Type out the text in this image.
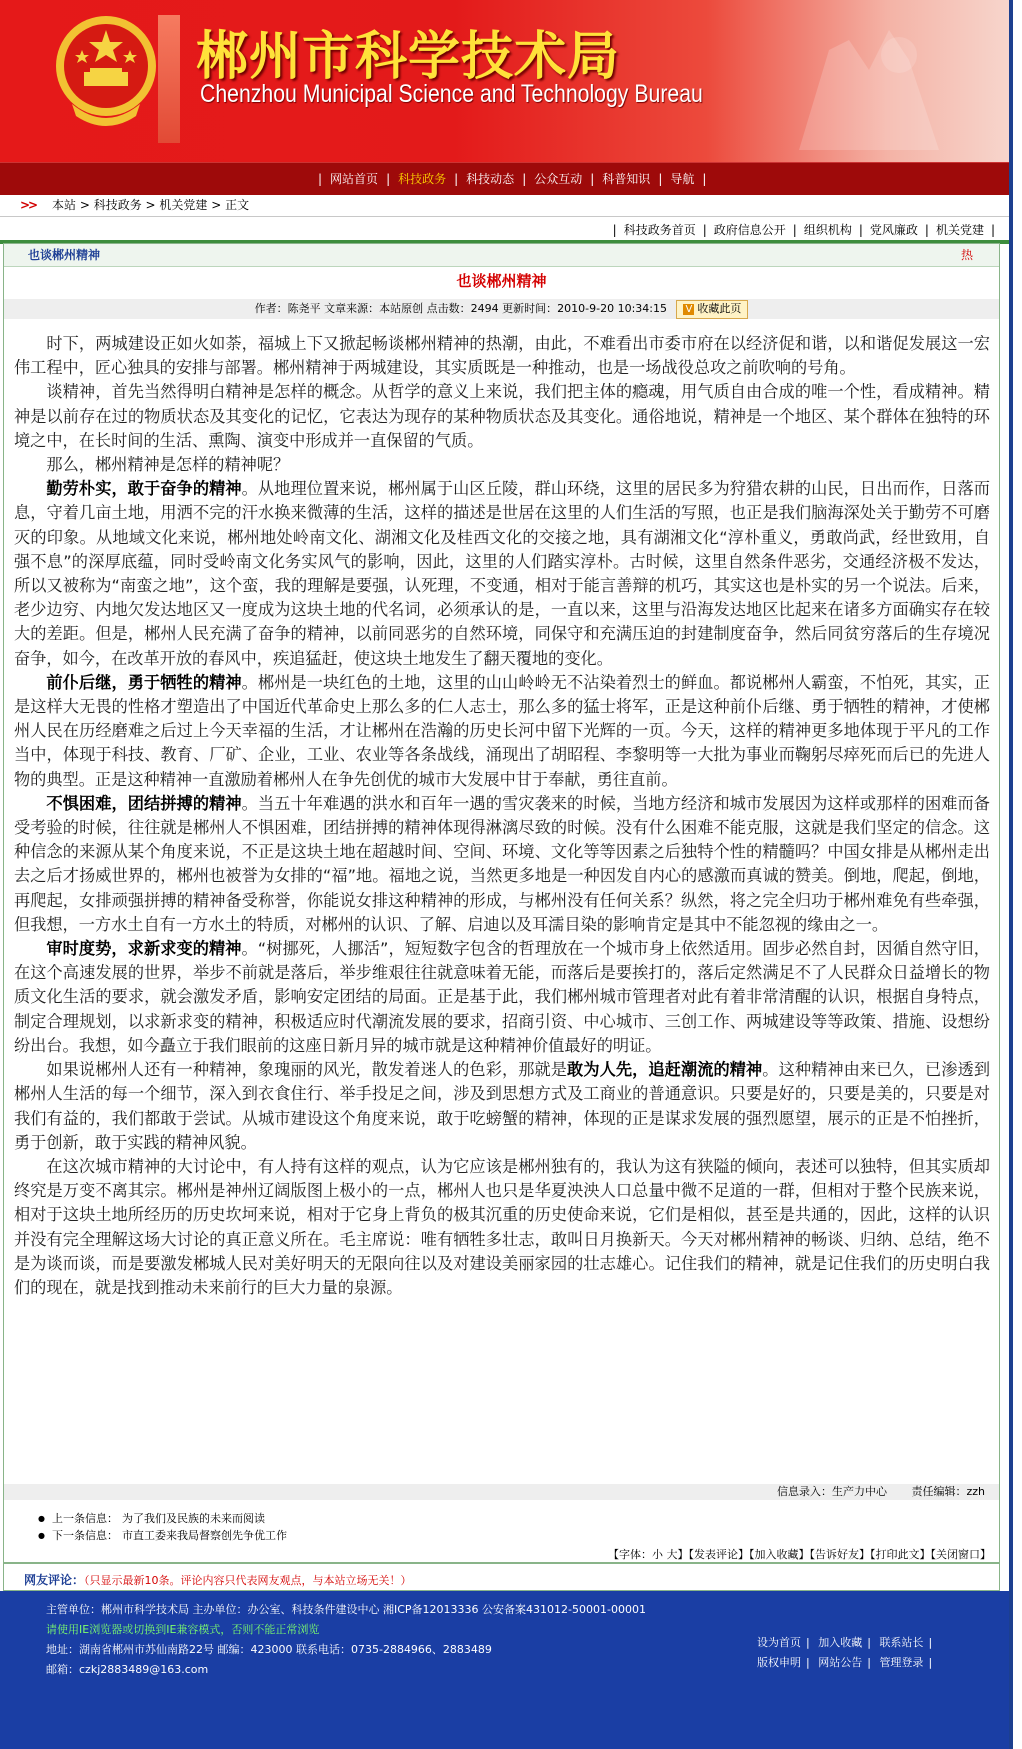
郴州市科学技术局
Chenzhou Municipal Science and Technology Bureau
| 网站首页 | 科技政务 | 科技动态 | 公众互动 | 科普知识 | 导航 |
>> 本站 > 科技政务 > 机关党建 > 正文
| 科技政务首页 | 政府信息公开 | 组织机构 | 党风廉政 | 机关党建 |
也谈郴州精神	热
也谈郴州精神
作者：陈尧平 文章来源：本站原创 点击数：2494 更新时间：2010-9-20 10:34:15 V 收藏此页

时下，两城建设正如火如荼，福城上下又掀起畅谈郴州精神的热潮，由此，不难看出市委市府在以经济促和谐，以和谐促发展这一宏伟工程中，匠心独具的安排与部署。郴州精神于两城建设，其实质既是一种推动，也是一场战役总攻之前吹响的号角。

谈精神，首先当然得明白精神是怎样的概念。从哲学的意义上来说，我们把主体的瘾魂，用气质自由合成的唯一个性，看成精神。精神是以前存在过的物质状态及其变化的记忆，它表达为现存的某种物质状态及其变化。通俗地说，精神是一个地区、某个群体在独特的环境之中，在长时间的生活、熏陶、演变中形成并一直保留的气质。

那么，郴州精神是怎样的精神呢？

勤劳朴实，敢于奋争的精神。从地理位置来说，郴州属于山区丘陵，群山环绕，这里的居民多为狩猎农耕的山民，日出而作，日落而息，守着几亩土地，用洒不完的汗水换来微薄的生活，这样的描述是世居在这里的人们生活的写照，也正是我们脑海深处关于勤劳不可磨灭的印象。从地域文化来说，郴州地处岭南文化、湖湘文化及桂西文化的交接之地，具有湖湘文化“淳朴重义，勇敢尚武，经世致用，自强不息”的深厚底蕴，同时受岭南文化务实风气的影响，因此，这里的人们踏实淳朴。古时候，这里自然条件恶劣，交通经济极不发达，所以又被称为“南蛮之地”，这个蛮，我的理解是要强，认死理，不变通，相对于能言善辩的机巧，其实这也是朴实的另一个说法。后来，老少边穷、内地欠发达地区又一度成为这块土地的代名词，必须承认的是，一直以来，这里与沿海发达地区比起来在诸多方面确实存在较大的差距。但是，郴州人民充满了奋争的精神，以前同恶劣的自然环境，同保守和充满压迫的封建制度奋争，然后同贫穷落后的生存境况奋争，如今，在改革开放的春风中，疾追猛赶，使这块土地发生了翻天覆地的变化。

前仆后继，勇于牺牲的精神。郴州是一块红色的土地，这里的山山岭岭无不沾染着烈士的鲜血。都说郴州人霸蛮，不怕死，其实，正是这样大无畏的性格才塑造出了中国近代革命史上那么多的仁人志士，那么多的猛士将军，正是这种前仆后继、勇于牺牲的精神，才使郴州人民在历经磨难之后过上今天幸福的生活，才让郴州在浩瀚的历史长河中留下光辉的一页。今天，这样的精神更多地体现于平凡的工作当中，体现于科技、教育、厂矿、企业，工业、农业等各条战线，涌现出了胡昭程、李黎明等一大批为事业而鞠躬尽瘁死而后已的先进人物的典型。正是这种精神一直激励着郴州人在争先创优的城市大发展中甘于奉献，勇往直前。

不惧困难，团结拼搏的精神。当五十年难遇的洪水和百年一遇的雪灾袭来的时候，当地方经济和城市发展因为这样或那样的困难而备受考验的时候，往往就是郴州人不惧困难，团结拼搏的精神体现得淋漓尽致的时候。没有什么困难不能克服，这就是我们坚定的信念。这种信念的来源从某个角度来说，不正是这块土地在超越时间、空间、环境、文化等等因素之后独特个性的精髓吗？中国女排是从郴州走出去之后才扬威世界的，郴州也被誉为女排的“福”地。福地之说，当然更多地是一种因发自内心的感激而真诚的赞美。倒地，爬起，倒地，再爬起，女排顽强拼搏的精神备受称誉，你能说女排这种精神的形成，与郴州没有任何关系？纵然，将之完全归功于郴州难免有些牵强，但我想，一方水土自有一方水土的特质，对郴州的认识、了解、启迪以及耳濡目染的影响肯定是其中不能忽视的缘由之一。

审时度势，求新求变的精神。“树挪死，人挪活”，短短数字包含的哲理放在一个城市身上依然适用。固步必然自封，因循自然守旧，在这个高速发展的世界，举步不前就是落后，举步维艰往往就意味着无能，而落后是要挨打的，落后定然满足不了人民群众日益增长的物质文化生活的要求，就会激发矛盾，影响安定团结的局面。正是基于此，我们郴州城市管理者对此有着非常清醒的认识，根据自身特点，制定合理规划，以求新求变的精神，积极适应时代潮流发展的要求，招商引资、中心城市、三创工作、两城建设等等政策、措施、设想纷纷出台。我想，如今矗立于我们眼前的这座日新月异的城市就是这种精神价值最好的明证。

如果说郴州人还有一种精神，象瑰丽的风光，散发着迷人的色彩，那就是敢为人先，追赶潮流的精神。这种精神由来已久，已渗透到郴州人生活的每一个细节，深入到衣食住行、举手投足之间，涉及到思想方式及工商业的普通意识。只要是好的，只要是美的，只要是对我们有益的，我们都敢于尝试。从城市建设这个角度来说，敢于吃螃蟹的精神，体现的正是谋求发展的强烈愿望，展示的正是不怕挫折，勇于创新，敢于实践的精神风貌。

在这次城市精神的大讨论中，有人持有这样的观点，认为它应该是郴州独有的，我认为这有狭隘的倾向，表述可以独特，但其实质却终究是万变不离其宗。郴州是神州辽阔版图上极小的一点，郴州人也只是华夏泱泱人口总量中微不足道的一群，但相对于整个民族来说，相对于这块土地所经历的历史坎坷来说，相对于它身上背负的极其沉重的历史使命来说，它们是相似，甚至是共通的，因此，这样的认识并没有完全理解这场大讨论的真正意义所在。毛主席说：唯有牺牲多壮志，敢叫日月换新天。今天对郴州精神的畅谈、归纳、总结，绝不是为谈而谈，而是要激发郴城人民对美好明天的无限向往以及对建设美丽家园的壮志雄心。记住我们的精神，就是记住我们的历史明白我们的现在，就是找到推动未来前行的巨大力量的泉源。

信息录入：生产力中心 责任编辑：zzh
● 上一条信息： 为了我们及民族的未来而阅读
● 下一条信息： 市直工委来我局督察创先争优工作
【字体：小 大】【发表评论】【加入收藏】【告诉好友】【打印此文】【关闭窗口】
网友评论：（只显示最新10条。评论内容只代表网友观点，与本站立场无关！）
主管单位：郴州市科学技术局 主办单位：办公室、科技条件建设中心 湘ICP备12013336 公安备案431012-50001-00001
请使用IE浏览器或切换到IE兼容模式，否则不能正常浏览
地址：湖南省郴州市苏仙南路22号 邮编：423000 联系电话：0735-2884966、2883489
邮箱：czkj2883489@163.com
设为首页 | 加入收藏 | 联系站长 |
版权申明 | 网站公告 | 管理登录 |
